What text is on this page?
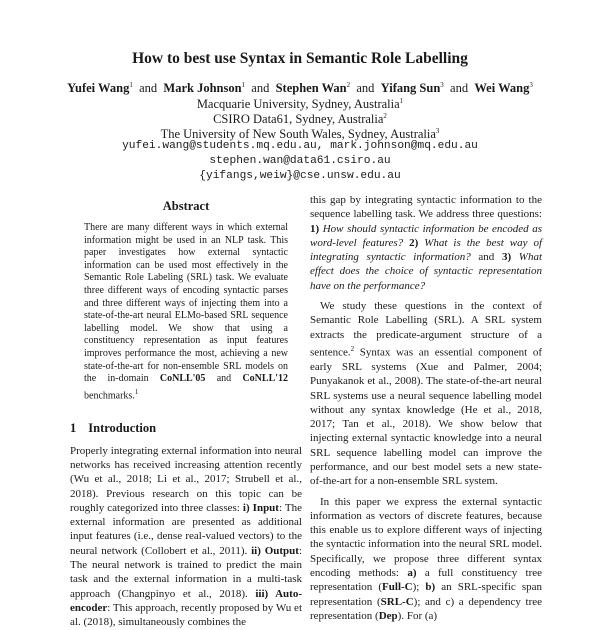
How to best use Syntax in Semantic Role Labelling
Yufei Wang$^1$ and Mark Johnson$^1$ and Stephen Wan$^2$ and Yifang Sun$^3$ and Wei Wang$^3$
Macquarie University, Sydney, Australia$^1$
CSIRO Data61, Sydney, Australia$^2$
The University of New South Wales, Sydney, Australia$^3$
yufei.wang@students.mq.edu.au, mark.johnson@mq.edu.au
stephen.wan@data61.csiro.au
{yifangs,weiw}@cse.unsw.edu.au
Abstract
There are many different ways in which external information might be used in an NLP task. This paper investigates how external syntactic information can be used most effectively in the Semantic Role Labeling (SRL) task. We evaluate three different ways of encoding syntactic parses and three different ways of injecting them into a state-of-the-art neural ELMo-based SRL sequence labelling model. We show that using a constituency representation as input features improves performance the most, achieving a new state-of-the-art for non-ensemble SRL models on the in-domain CoNLL'05 and CoNLL'12 benchmarks.$^1$
1 Introduction

Properly integrating external information into neural networks has received increasing attention recently (Wu et al., 2018; Li et al., 2017; Strubell et al., 2018). Previous research on this topic can be roughly categorized into three classes: i) Input: The external information are presented as additional input features (i.e., dense real-valued vectors) to the neural network (Collobert et al., 2011). ii) Output: The neural network is trained to predict the main task and the external information in a multi-task approach (Changpinyo et al., 2018). iii) Auto-encoder: This approach, recently proposed by Wu et al. (2018), simultaneously combines the

this gap by integrating syntactic information to the sequence labelling task. We address three questions: 1) How should syntactic information be encoded as word-level features? 2) What is the best way of integrating syntactic information? and 3) What effect does the choice of syntactic representation have on the performance?

We study these questions in the context of Semantic Role Labelling (SRL). A SRL system extracts the predicate-argument structure of a sentence.$^2$ Syntax was an essential component of early SRL systems (Xue and Palmer, 2004; Punyakanok et al., 2008). The state-of-the-art neural SRL systems use a neural sequence labelling model without any syntax knowledge (He et al., 2018, 2017; Tan et al., 2018). We show below that injecting external syntactic knowledge into a neural SRL sequence labelling model can improve the performance, and our best model sets a new state-of-the-art for a non-ensemble SRL system.

In this paper we express the external syntactic information as vectors of discrete features, because this enable us to explore different ways of injecting the syntactic information into the neural SRL model. Specifically, we propose three different syntax encoding methods: a) a full constituency tree representation (Full-C); b) an SRL-specific span representation (SRL-C); and c) a dependency tree representation (Dep). For (a)
